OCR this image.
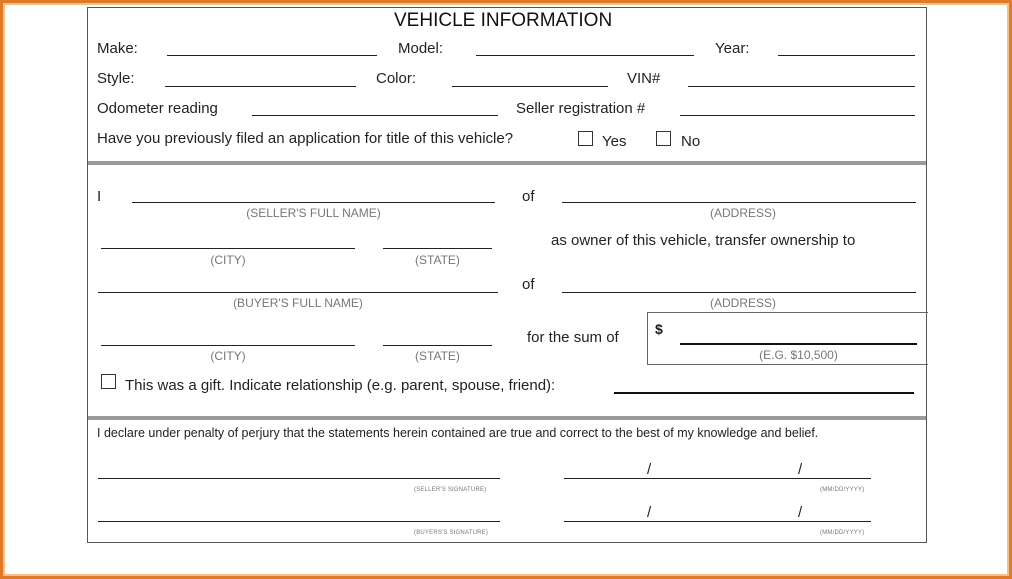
VEHICLE INFORMATION
Make:	Model:	Year:
Style:	Color:	VIN#
Odometer reading	Seller registration #
Have you previously filed an application for title of this vehicle?	Yes	No
I
(SELLER'S FULL NAME)
of
(ADDRESS)
(CITY)	(STATE)
as owner of this vehicle, transfer ownership to
(BUYER'S FULL NAME)
of
(ADDRESS)
(CITY)	(STATE)
for the sum of	$
(E.G. $10,500)
This was a gift. Indicate relationship (e.g. parent, spouse, friend):
I declare under penalty of perjury that the statements herein contained are true and correct to the best of my knowledge and belief.
(SELLER'S SIGNATURE)
/	/
(MM/DD/YYYY)
(BUYERS'S SIGNATURE)
/	/
(MM/DD/YYYY)
